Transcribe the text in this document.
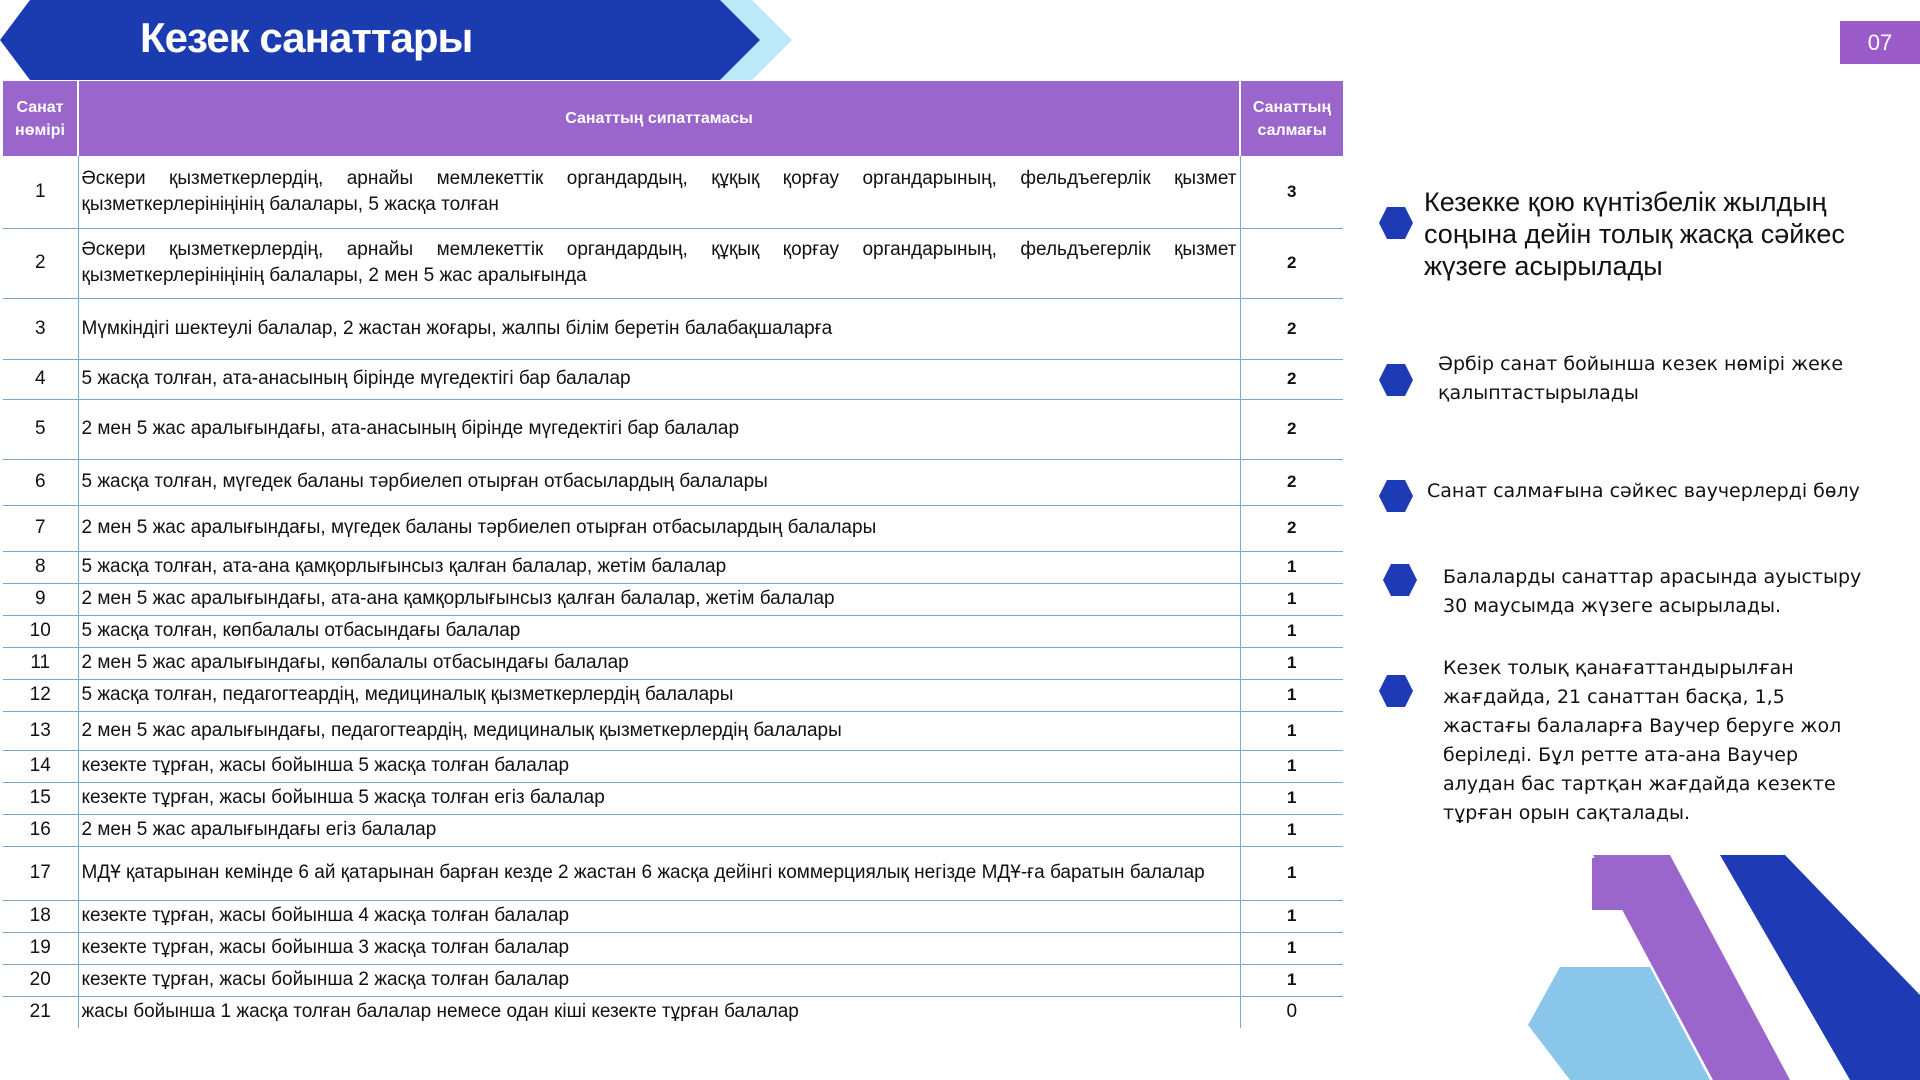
Кезек санаттары	07
Санат нөмірі	Санаттың сипаттамасы	Санаттың салмағы
1	Әскери қызметкерлердің, арнайы мемлекеттік органдардың, құқық қорғау органдарының, фельдъегерлік қызмет қызметкерлерініңінің балалары, 5 жасқа толған	3
2	Әскери қызметкерлердің, арнайы мемлекеттік органдардың, құқық қорғау органдарының, фельдъегерлік қызмет қызметкерлерініңінің балалары, 2 мен 5 жас аралығында	2
3	Мүмкіндігі шектеулі балалар, 2 жастан жоғары, жалпы білім беретін балабақшаларға	2
4	5 жасқа толған, ата-анасының бірінде мүгедектігі бар балалар	2
5	2 мен 5 жас аралығындағы, ата-анасының бірінде мүгедектігі бар балалар	2
6	5 жасқа толған, мүгедек баланы тәрбиелеп отырған отбасылардың балалары	2
7	2 мен 5 жас аралығындағы, мүгедек баланы тәрбиелеп отырған отбасылардың балалары	2
8	5 жасқа толған, ата-ана қамқорлығынсыз қалған балалар, жетім балалар	1
9	2 мен 5 жас аралығындағы, ата-ана қамқорлығынсыз қалған балалар, жетім балалар	1
10	5 жасқа толған, көпбалалы отбасындағы балалар	1
11	2 мен 5 жас аралығындағы, көпбалалы отбасындағы балалар	1
12	5 жасқа толған, педагогтеардің, медициналық қызметкерлердің балалары	1
13	2 мен 5 жас аралығындағы, педагогтеардің, медициналық қызметкерлердің балалары	1
14	кезекте тұрған, жасы бойынша 5 жасқа толған балалар	1
15	кезекте тұрған, жасы бойынша 5 жасқа толған егіз балалар	1
16	2 мен 5 жас аралығындағы егіз балалар	1
17	МДҰ қатарынан кемінде 6 ай қатарынан барған кезде 2 жастан 6 жасқа дейінгі коммерциялық негізде МДҰ-ға баратын балалар	1
18	кезекте тұрған, жасы бойынша 4 жасқа толған балалар	1
19	кезекте тұрған, жасы бойынша 3 жасқа толған балалар	1
20	кезекте тұрған, жасы бойынша 2 жасқа толған балалар	1
21	жасы бойынша 1 жасқа толған балалар немесе одан кіші кезекте тұрған балалар	0
Кезекке қою күнтізбелік жылдың соңына дейін толық жасқа сәйкес жүзеге асырылады
Әрбір санат бойынша кезек нөмірі жеке қалыптастырылады
Санат салмағына сәйкес ваучерлерді бөлу
Балаларды санаттар арасында ауыстыру 30 маусымда жүзеге асырылады.
Кезек толық қанағаттандырылған жағдайда, 21 санаттан басқа, 1,5 жастағы балаларға Ваучер беруге жол беріледі. Бұл ретте ата-ана Ваучер алудан бас тартқан жағдайда кезекте тұрған орын сақталады.
